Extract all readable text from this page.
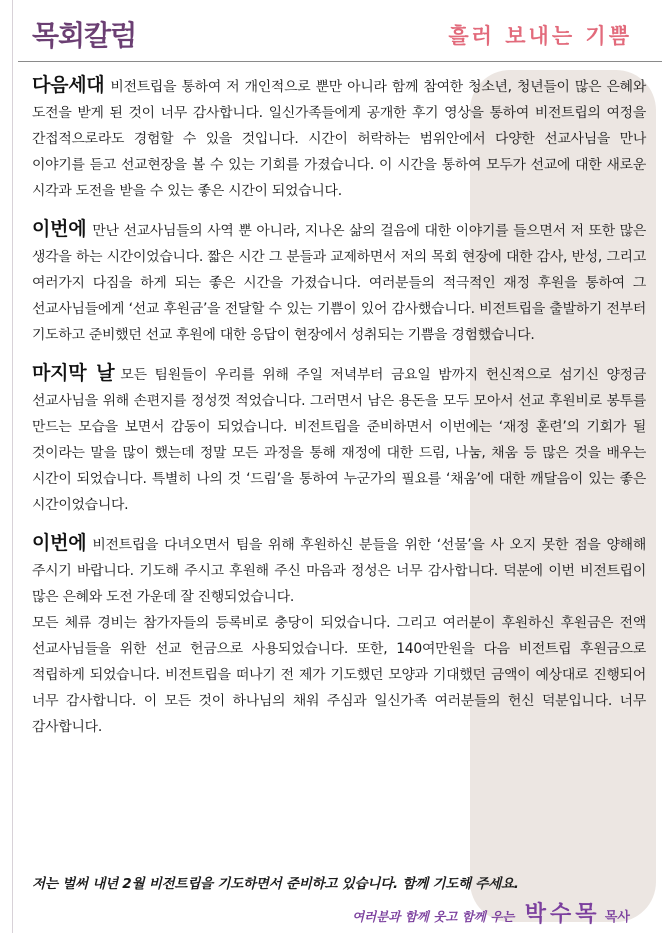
목회칼럼	흘러 보내는 기쁨

다음세대 비전트립을 통하여 저 개인적으로 뿐만 아니라 함께 참여한 청소년, 청년들이 많은 은혜와 도전을 받게 된 것이 너무 감사합니다. 일신가족들에게 공개한 후기 영상을 통하여 비전트립의 여정을 간접적으로라도 경험할 수 있을 것입니다. 시간이 허락하는 범위안에서 다양한 선교사님을 만나 이야기를 듣고 선교현장을 볼 수 있는 기회를 가졌습니다. 이 시간을 통하여 모두가 선교에 대한 새로운 시각과 도전을 받을 수 있는 좋은 시간이 되었습니다.

이번에 만난 선교사님들의 사역 뿐 아니라, 지나온 삶의 걸음에 대한 이야기를 들으면서 저 또한 많은 생각을 하는 시간이었습니다. 짧은 시간 그 분들과 교제하면서 저의 목회 현장에 대한 감사, 반성, 그리고 여러가지 다짐을 하게 되는 좋은 시간을 가졌습니다. 여러분들의 적극적인 재정 후원을 통하여 그 선교사님들에게 ‘선교 후원금’을 전달할 수 있는 기쁨이 있어 감사했습니다. 비전트립을 출발하기 전부터 기도하고 준비했던 선교 후원에 대한 응답이 현장에서 성취되는 기쁨을 경험했습니다.

마지막 날 모든 팀원들이 우리를 위해 주일 저녁부터 금요일 밤까지 헌신적으로 섬기신 양정금 선교사님을 위해 손편지를 정성껏 적었습니다. 그러면서 남은 용돈을 모두 모아서 선교 후원비로 봉투를 만드는 모습을 보면서 감동이 되었습니다. 비전트립을 준비하면서 이번에는 ‘재정 훈련’의 기회가 될 것이라는 말을 많이 했는데 정말 모든 과정을 통해 재정에 대한 드림, 나눔, 채움 등 많은 것을 배우는 시간이 되었습니다. 특별히 나의 것 ‘드림’을 통하여 누군가의 필요를 ‘채움’에 대한 깨달음이 있는 좋은 시간이었습니다.

이번에 비전트립을 다녀오면서 팀을 위해 후원하신 분들을 위한 ‘선물’을 사 오지 못한 점을 양해해 주시기 바랍니다. 기도해 주시고 후원해 주신 마음과 정성은 너무 감사합니다. 덕분에 이번 비전트립이 많은 은혜와 도전 가운데 잘 진행되었습니다.

모든 체류 경비는 참가자들의 등록비로 충당이 되었습니다. 그리고 여러분이 후원하신 후원금은 전액 선교사님들을 위한 선교 헌금으로 사용되었습니다. 또한, 140여만원을 다음 비전트립 후원금으로 적립하게 되었습니다. 비전트립을 떠나기 전 제가 기도했던 모양과 기대했던 금액이 예상대로 진행되어 너무 감사합니다. 이 모든 것이 하나님의 채워 주심과 일신가족 여러분들의 헌신 덕분입니다. 너무 감사합니다.

저는 벌써 내년 2월 비전트립을 기도하면서 준비하고 있습니다. 함께 기도해 주세요.
여러분과 함께 웃고 함께 우는 박수목 목사
